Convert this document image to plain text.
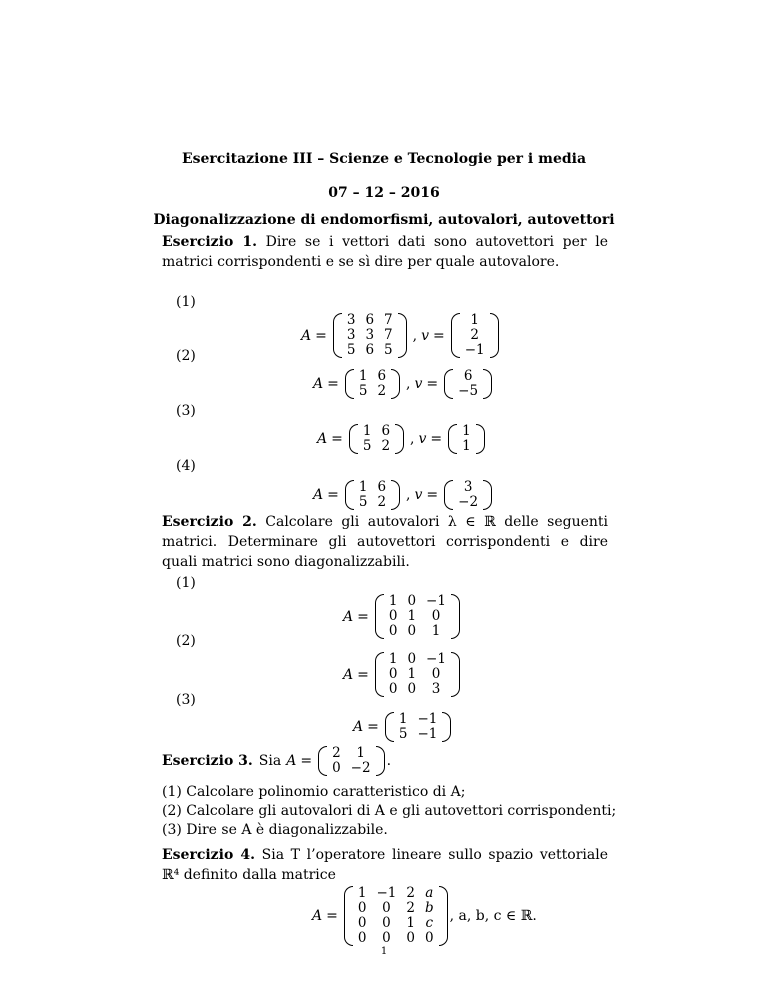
Esercitazione III – Scienze e Tecnologie per i media
07 – 12 – 2016
Diagonalizzazione di endomorfismi, autovalori, autovettori
Esercizio 1. Dire se i vettori dati sono autovettori per le matrici corrispondenti e se sì dire per quale autovalore.
(1)
A =
3	6	7
3	3	7
5	6	5
, v =
1
2
−1
(2)
A = 1	6
5	2 , v = 6
−5
(3)
A = 1	6
5	2 , v = 1
1
(4)
A = 1	6
5	2 , v = 3
−2
Esercizio 2. Calcolare gli autovalori λ ∈ ℝ delle seguenti matrici. Determinare gli autovettori corrispondenti e dire quali matrici sono diagonalizzabili.
(1)
A =
1	0	−1
0	1	0
0	0	1
(2)
A =
1	0	−1
0	1	0
0	0	3
(3)
A = 1	−1
5	−1
Esercizio 3. Sia A = 2	1
0	−2 .
(1) Calcolare polinomio caratteristico di A;
(2) Calcolare gli autovalori di A e gli autovettori corrispondenti;
(3) Dire se A è diagonalizzabile.
Esercizio 4. Sia T l’operatore lineare sullo spazio vettoriale ℝ⁴ definito dalla matrice
A =
1	−1	2	a
0	0	2	b
0	0	1	c
0	0	0	0
, a, b, c ∈ ℝ.
1
